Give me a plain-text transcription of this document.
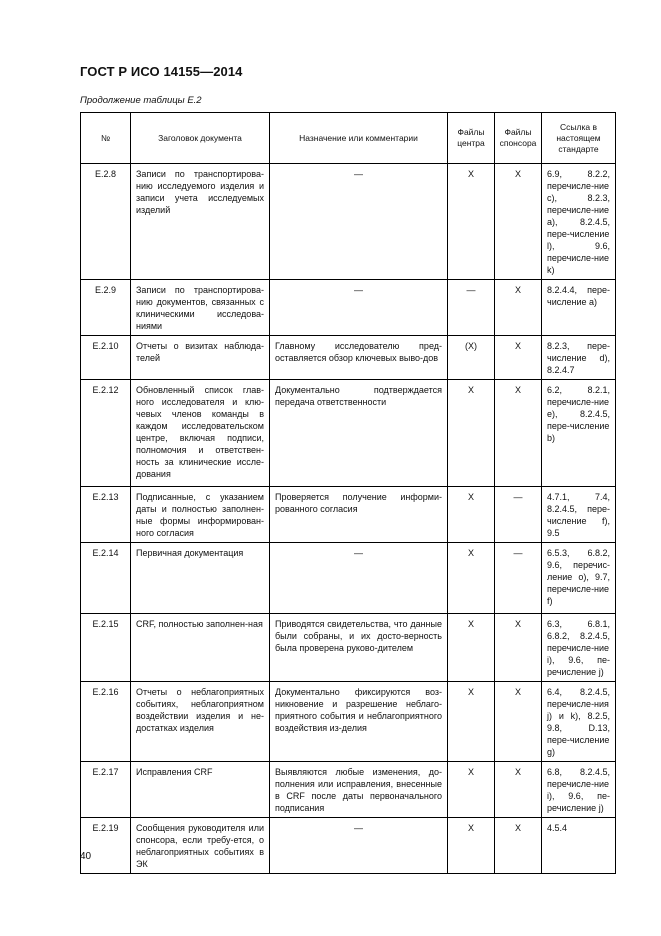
ГОСТ Р ИСО 14155—2014
Продолжение таблицы Е.2
№	Заголовок документа	Назначение или комментарии	Файлы центра	Файлы спонсора	Ссылка в настоящем стандарте
E.2.8	Записи по транспортирова-нию исследуемого изделия и записи учета исследуемых изделий	—	X	X	6.9, 8.2.2, перечисле-ние c), 8.2.3, перечисле-ние a), 8.2.4.5, пере-числение l), 9.6, перечисле-ние k)
E.2.9	Записи по транспортирова-нию документов, связанных с клиническими исследова-ниями	—	—	X	8.2.4.4, пере-числение a)
E.2.10	Отчеты о визитах наблюда-телей	Главному исследователю пред-оставляется обзор ключевых выво-дов	(X)	X	8.2.3, пере-числение d), 8.2.4.7
E.2.12	Обновленный список глав-ного исследователя и клю-чевых членов команды в каждом исследовательском центре, включая подписи, полномочия и ответствен-ность за клинические иссле-дования	Документально подтверждается передача ответственности	X	X	6.2, 8.2.1, перечисле-ние e), 8.2.4.5, пере-числение b)
E.2.13	Подписанные, с указанием даты и полностью заполнен-ные формы информирован-ного согласия	Проверяется получение информи-рованного согласия	X	—	4.7.1, 7.4, 8.2.4.5, пере-числение f), 9.5
E.2.14	Первичная документация	—	X	—	6.5.3, 6.8.2, 9.6, перечис-ление o), 9.7, перечисле-ние f)
E.2.15	CRF, полностью заполнен-ная	Приводятся свидетельства, что данные были собраны, и их досто-верность была проверена руково-дителем	X	X	6.3, 6.8.1, 6.8.2, 8.2.4.5, перечисле-ние i), 9.6, пе-речисление j)
E.2.16	Отчеты о неблагоприятных событиях, неблагоприятном воздействии изделия и не-достатках изделия	Документально фиксируются воз-никновение и разрешение неблаго-приятного события и неблагоприятного воздействия из-делия	X	X	6.4, 8.2.4.5, перечисле-ния j) и k), 8.2.5, 9.8, D.13, пере-числение g)
E.2.17	Исправления CRF	Выявляются любые изменения, до-полнения или исправления, внесенные в CRF после даты первоначального подписания	X	X	6.8, 8.2.4.5, перечисле-ние i), 9.6, пе-речисление j)
E.2.19	Сообщения руководителя или спонсора, если требу-ется, о неблагоприятных событиях в ЭК	—	X	X	4.5.4
40
